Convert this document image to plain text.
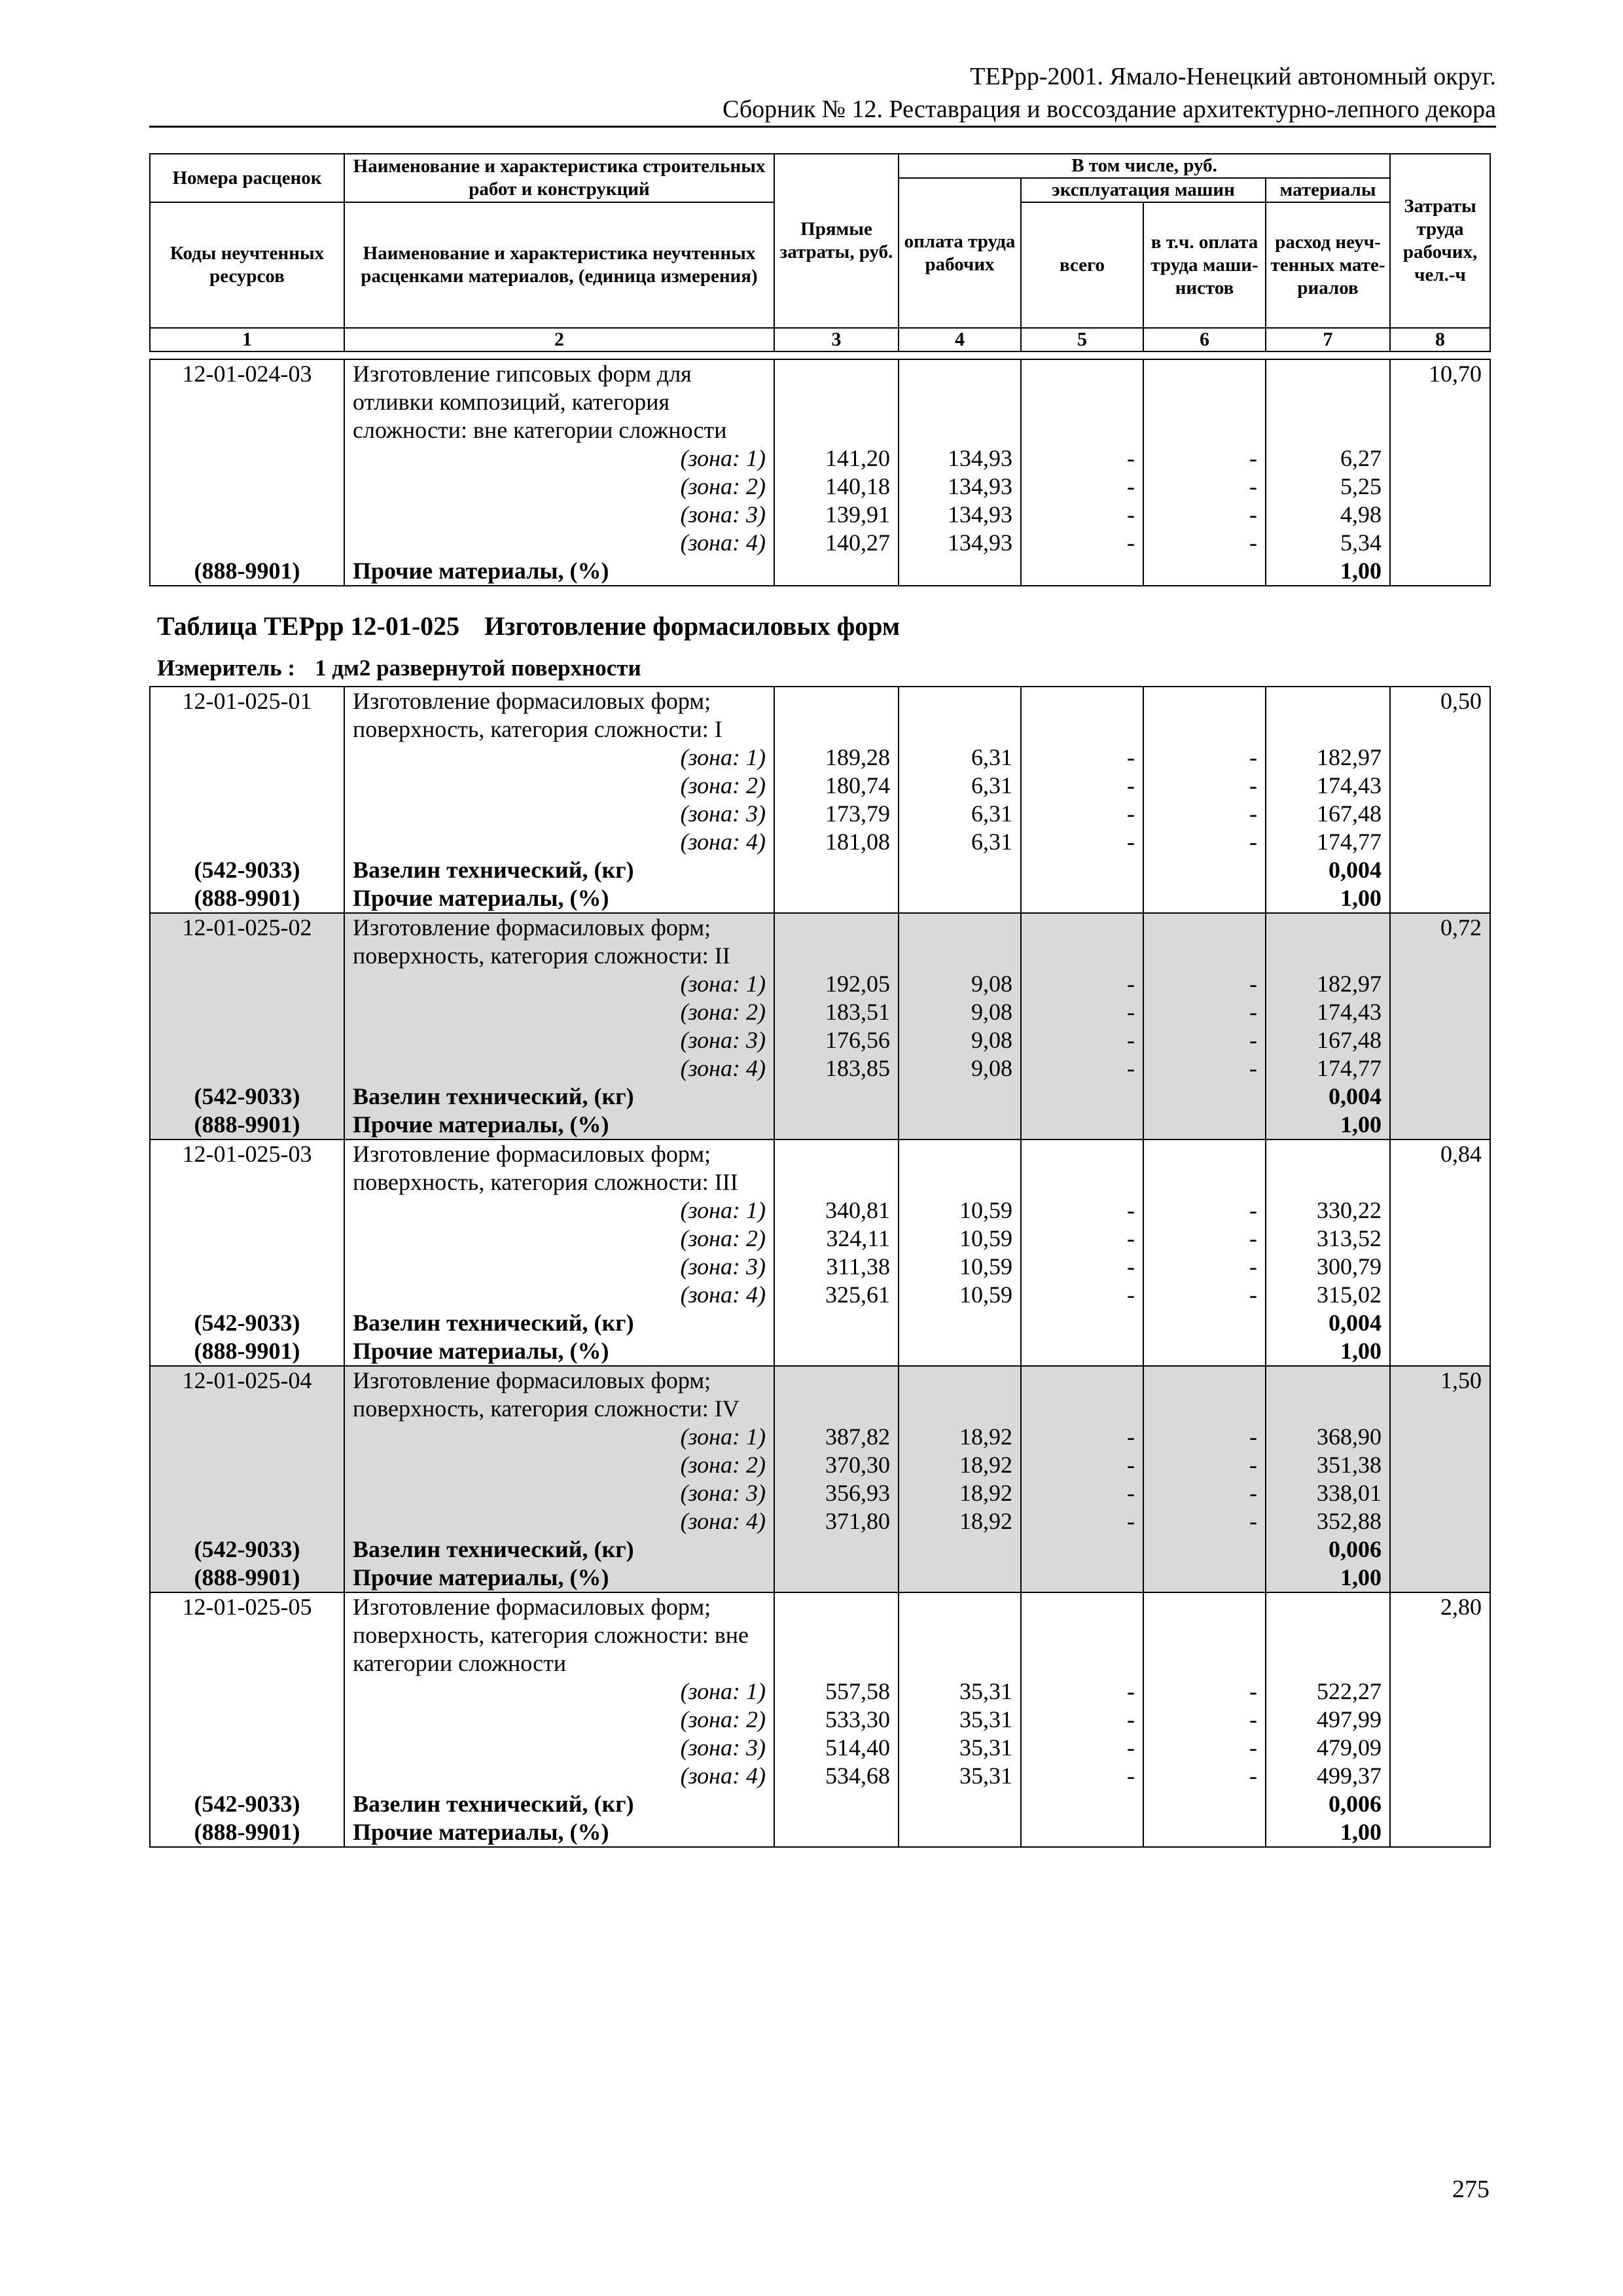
ТЕРрр-2001. Ямало-Ненецкий автономный округ.
Сборник № 12. Реставрация и воссоздание архитектурно-лепного декора
Номера расценок	Наименование и характеристика строительных работ и конструкций	Прямые затраты, руб.	В том числе, руб.				Затраты труда рабочих, чел.-ч
			оплата труда рабочих	эксплуатация машин		материалы	
Коды неучтенных ресурсов	Наименование и характеристика неучтенных расценками материалов, (единица измерения)			всего	в т.ч. оплата труда маши-нистов	расход неуч-тенных мате-риалов	
1	2	3	4	5	6	7	8
12-01-024-03	Изготовление гипсовых форм для						10,70
	отливки композиций, категория						
	сложности: вне категории сложности						
	(зона: 1)	141,20	134,93	-	-	6,27	
	(зона: 2)	140,18	134,93	-	-	5,25	
	(зона: 3)	139,91	134,93	-	-	4,98	
	(зона: 4)	140,27	134,93	-	-	5,34	
(888-9901)	Прочие материалы, (%)					1,00	
Таблица ТЕРрр 12-01-025 Изготовление формасиловых форм
Измеритель : 1 дм2 развернутой поверхности
12-01-025-01	Изготовление формасиловых форм;						0,50
	поверхность, категория сложности: I						
	(зона: 1)	189,28	6,31	-	-	182,97	
	(зона: 2)	180,74	6,31	-	-	174,43	
	(зона: 3)	173,79	6,31	-	-	167,48	
	(зона: 4)	181,08	6,31	-	-	174,77	
(542-9033)	Вазелин технический, (кг)					0,004	
(888-9901)	Прочие материалы, (%)					1,00	
12-01-025-02	Изготовление формасиловых форм;						0,72
	поверхность, категория сложности: II						
	(зона: 1)	192,05	9,08	-	-	182,97	
	(зона: 2)	183,51	9,08	-	-	174,43	
	(зона: 3)	176,56	9,08	-	-	167,48	
	(зона: 4)	183,85	9,08	-	-	174,77	
(542-9033)	Вазелин технический, (кг)					0,004	
(888-9901)	Прочие материалы, (%)					1,00	
12-01-025-03	Изготовление формасиловых форм;						0,84
	поверхность, категория сложности: III						
	(зона: 1)	340,81	10,59	-	-	330,22	
	(зона: 2)	324,11	10,59	-	-	313,52	
	(зона: 3)	311,38	10,59	-	-	300,79	
	(зона: 4)	325,61	10,59	-	-	315,02	
(542-9033)	Вазелин технический, (кг)					0,004	
(888-9901)	Прочие материалы, (%)					1,00	
12-01-025-04	Изготовление формасиловых форм;						1,50
	поверхность, категория сложности: IV						
	(зона: 1)	387,82	18,92	-	-	368,90	
	(зона: 2)	370,30	18,92	-	-	351,38	
	(зона: 3)	356,93	18,92	-	-	338,01	
	(зона: 4)	371,80	18,92	-	-	352,88	
(542-9033)	Вазелин технический, (кг)					0,006	
(888-9901)	Прочие материалы, (%)					1,00	
12-01-025-05	Изготовление формасиловых форм;						2,80
	поверхность, категория сложности: вне						
	категории сложности						
	(зона: 1)	557,58	35,31	-	-	522,27	
	(зона: 2)	533,30	35,31	-	-	497,99	
	(зона: 3)	514,40	35,31	-	-	479,09	
	(зона: 4)	534,68	35,31	-	-	499,37	
(542-9033)	Вазелин технический, (кг)					0,006	
(888-9901)	Прочие материалы, (%)					1,00	
275
